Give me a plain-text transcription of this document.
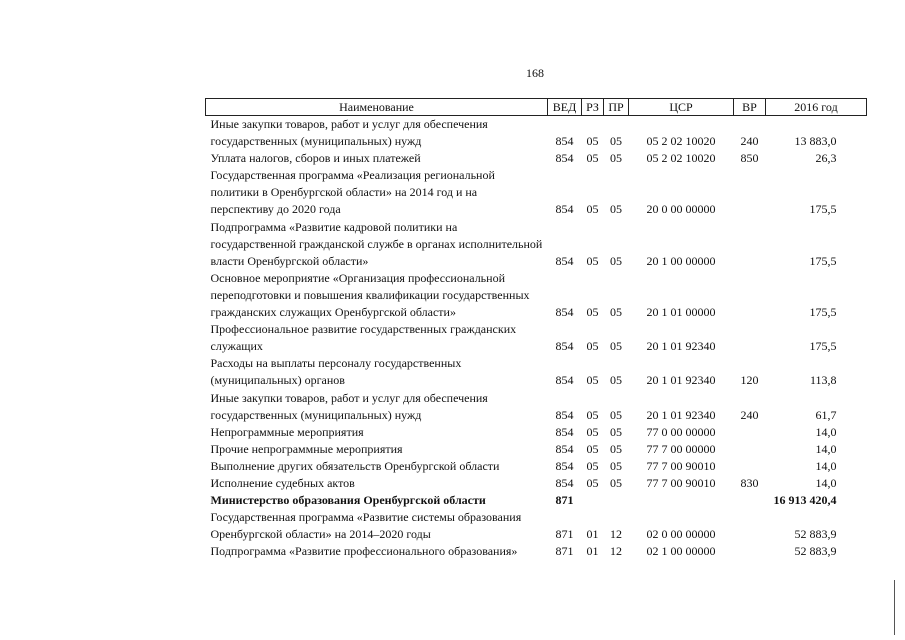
168
Наименование	ВЕД	РЗ	ПР	ЦСР	ВР	2016 год
Иные закупки товаров, работ и услуг для обеспечения государственных (муниципальных) нужд	854	05	05	05 2 02 10020	240	13 883,0
Уплата налогов, сборов и иных платежей	854	05	05	05 2 02 10020	850	26,3
Государственная программа «Реализация региональной политики в Оренбургской области» на 2014 год и на перспективу до 2020 года	854	05	05	20 0 00 00000		175,5
Подпрограмма «Развитие кадровой политики на государственной гражданской службе в органах исполнительной власти Оренбургской области»	854	05	05	20 1 00 00000		175,5
Основное мероприятие «Организация профессиональной переподготовки и повышения квалификации государственных гражданских служащих Оренбургской области»	854	05	05	20 1 01 00000		175,5
Профессиональное развитие государственных гражданских служащих	854	05	05	20 1 01 92340		175,5
Расходы на выплаты персоналу государственных (муниципальных) органов	854	05	05	20 1 01 92340	120	113,8
Иные закупки товаров, работ и услуг для обеспечения государственных (муниципальных) нужд	854	05	05	20 1 01 92340	240	61,7
Непрограммные мероприятия	854	05	05	77 0 00 00000		14,0
Прочие непрограммные мероприятия	854	05	05	77 7 00 00000		14,0
Выполнение других обязательств Оренбургской области	854	05	05	77 7 00 90010		14,0
Исполнение судебных актов	854	05	05	77 7 00 90010	830	14,0
Министерство образования Оренбургской области	871					16 913 420,4
Государственная программа «Развитие системы образования Оренбургской области» на 2014–2020 годы	871	01	12	02 0 00 00000		52 883,9
Подпрограмма «Развитие профессионального образования»	871	01	12	02 1 00 00000		52 883,9
